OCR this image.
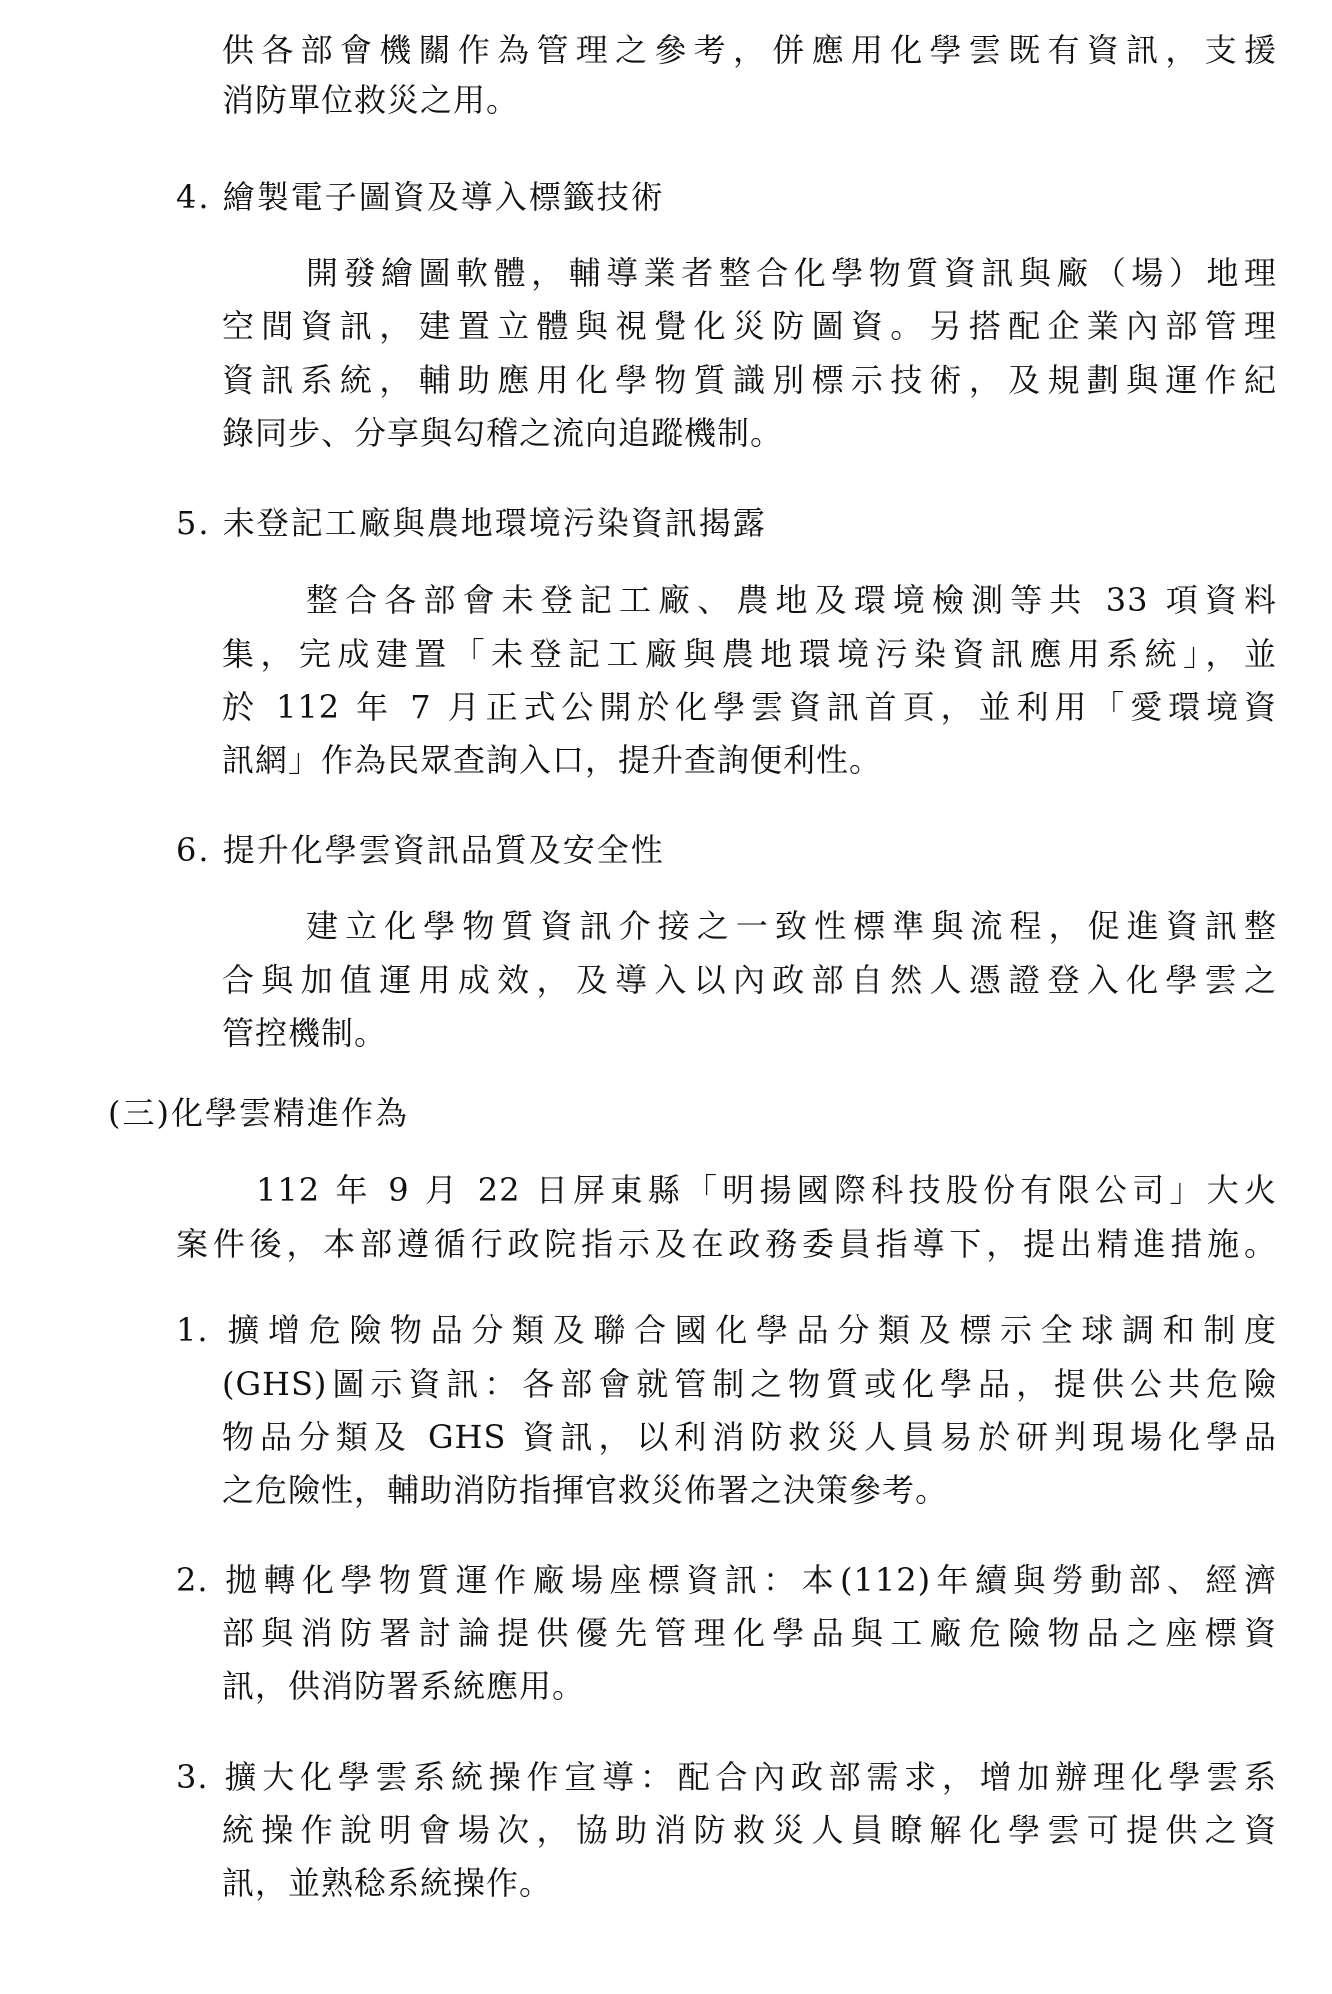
供各部會機關作為管理之參考，併應用化學雲既有資訊，支援
消防單位救災之用。
4. 繪製電子圖資及導入標籤技術
開發繪圖軟體，輔導業者整合化學物質資訊與廠（場）地理
空間資訊，建置立體與視覺化災防圖資。另搭配企業內部管理
資訊系統，輔助應用化學物質識別標示技術，及規劃與運作紀
錄同步、分享與勾稽之流向追蹤機制。
5. 未登記工廠與農地環境污染資訊揭露
整合各部會未登記工廠、農地及環境檢測等共 33 項資料
集，完成建置「未登記工廠與農地環境污染資訊應用系統」，並
於 112 年 7 月正式公開於化學雲資訊首頁，並利用「愛環境資
訊網」作為民眾查詢入口，提升查詢便利性。
6. 提升化學雲資訊品質及安全性
建立化學物質資訊介接之一致性標準與流程，促進資訊整
合與加值運用成效，及導入以內政部自然人憑證登入化學雲之
管控機制。
(三)化學雲精進作為
112 年 9 月 22 日屏東縣「明揚國際科技股份有限公司」大火
案件後，本部遵循行政院指示及在政務委員指導下，提出精進措施。
1. 擴增危險物品分類及聯合國化學品分類及標示全球調和制度
(GHS)圖示資訊：各部會就管制之物質或化學品，提供公共危險
物品分類及 GHS 資訊，以利消防救災人員易於研判現場化學品
之危險性，輔助消防指揮官救災佈署之決策參考。
2. 拋轉化學物質運作廠場座標資訊：本(112)年續與勞動部、經濟
部與消防署討論提供優先管理化學品與工廠危險物品之座標資
訊，供消防署系統應用。
3. 擴大化學雲系統操作宣導：配合內政部需求，增加辦理化學雲系
統操作說明會場次，協助消防救災人員瞭解化學雲可提供之資
訊，並熟稔系統操作。
